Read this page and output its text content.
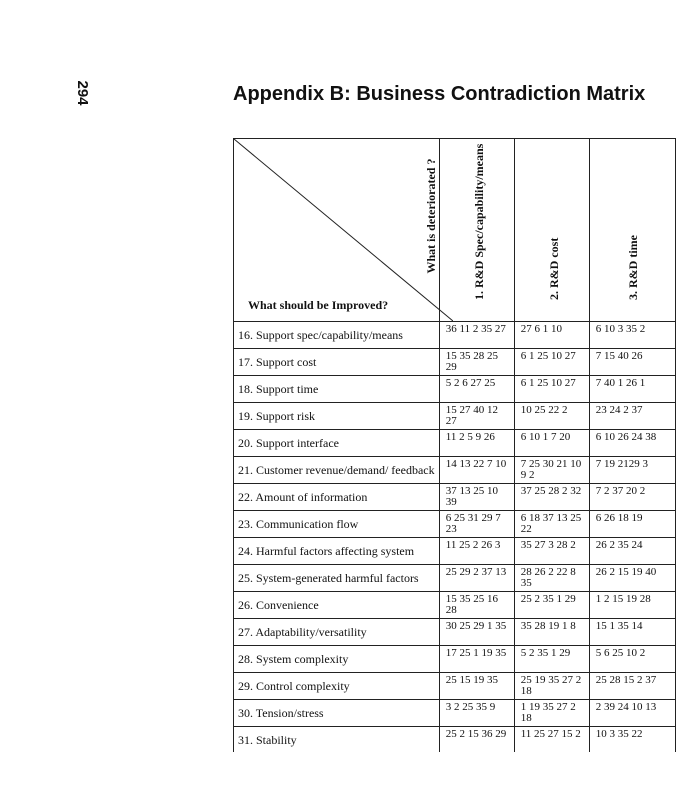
294	Appendix B: Business Contradiction Matrix
What is deteriorated ?
What should be Improved?	1. R&D Spec/capability/means	2. R&D cost	3. R&D time

16. Support spec/capability/means	36 11 2 35 27	27 6 1 10	6 10 3 35 2

17. Support cost	15 35 28 25 29	6 1 25 10 27	7 15 40 26

18. Support time	5 2 6 27 25	6 1 25 10 27	7 40 1 26 1

19. Support risk	15 27 40 12 27	10 25 22 2	23 24 2 37

20. Support interface	11 2 5 9 26	6 10 1 7 20	6 10 26 24 38

21. Customer revenue/demand/ feedback	14 13 22 7 10	7 25 30 21 10 9 2	7 19 2129 3

22. Amount of information	37 13 25 10 39	37 25 28 2 32	7 2 37 20 2

23. Communication flow	6 25 31 29 7 23	6 18 37 13 25 22	6 26 18 19

24. Harmful factors affecting system	11 25 2 26 3	35 27 3 28 2	26 2 35 24

25. System-generated harmful factors	25 29 2 37 13	28 26 2 22 8 35	26 2 15 19 40

26. Convenience	15 35 25 16 28	25 2 35 1 29	1 2 15 19 28

27. Adaptability/versatility	30 25 29 1 35	35 28 19 1 8	15 1 35 14

28. System complexity	17 25 1 19 35	5 2 35 1 29	5 6 25 10 2

29. Control complexity	25 15 19 35	25 19 35 27 2 18	25 28 15 2 37

30. Tension/stress	3 2 25 35 9	1 19 35 27 2 18	2 39 24 10 13

31. Stability	25 2 15 36 29	11 25 27 15 2	10 3 35 22
